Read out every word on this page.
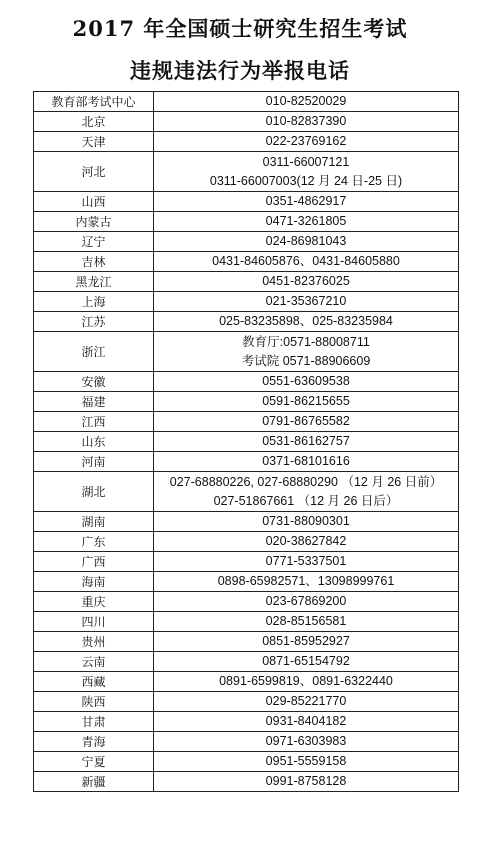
2017 年全国硕士研究生招生考试
违规违法行为举报电话
教育部考试中心	010-82520029

北京	010-82837390

天津	022-23769162

河北	0311-66007121
0311-66007003(12 月 24 日-25 日)

山西	0351-4862917

内蒙古	0471-3261805

辽宁	024-86981043

吉林	0431-84605876、0431-84605880

黑龙江	0451-82376025

上海	021-35367210

江苏	025-83235898、025-83235984

浙江	教育厅:0571-88008711
考试院 0571-88906609

安徽	0551-63609538

福建	0591-86215655

江西	0791-86765582

山东	0531-86162757

河南	0371-68101616

湖北	027-68880226, 027-68880290 （12 月 26 日前）
027-51867661 （12 月 26 日后）

湖南	0731-88090301

广东	020-38627842

广西	0771-5337501

海南	0898-65982571、13098999761

重庆	023-67869200

四川	028-85156581

贵州	0851-85952927

云南	0871-65154792

西藏	0891-6599819、0891-6322440

陕西	029-85221770

甘肃	0931-8404182

青海	0971-6303983

宁夏	0951-5559158

新疆	0991-8758128
